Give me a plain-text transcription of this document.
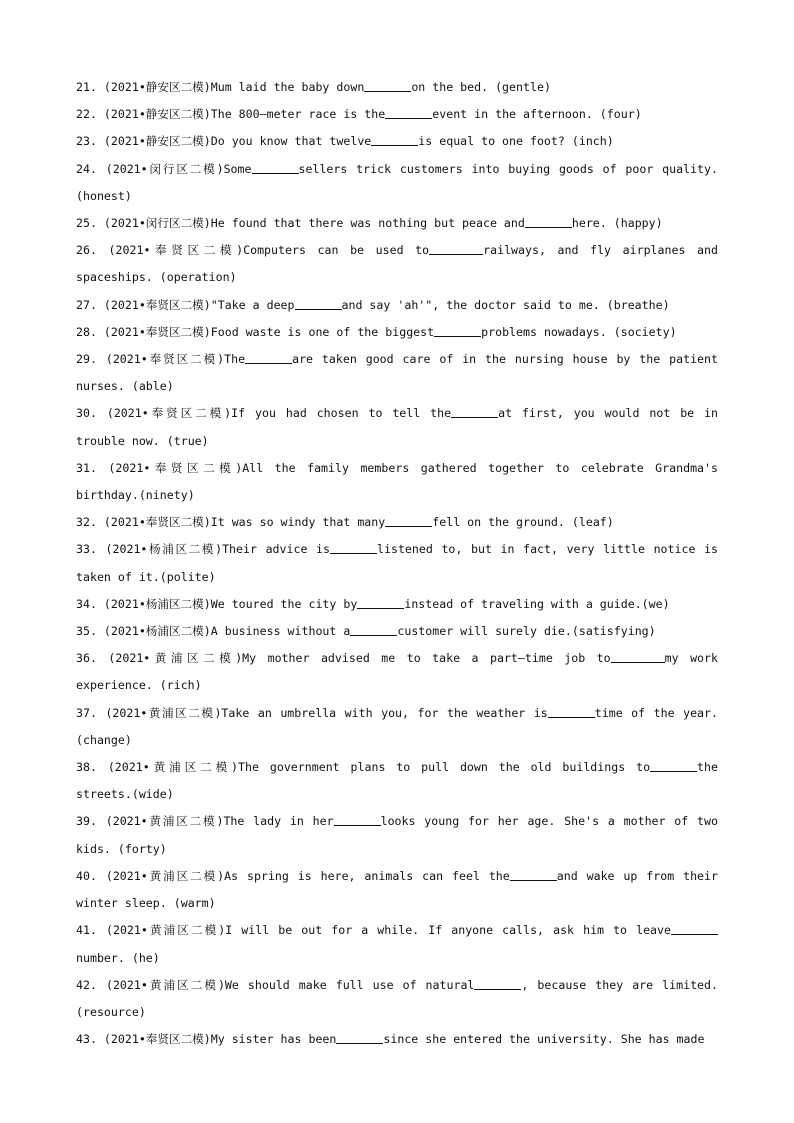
21. (2021•静安区二模)Mum laid the baby down	on the bed. (gentle)

22. (2021•静安区二模)The 800–meter race is the	event in the afternoon. (four)

23. (2021•静安区二模)Do you know that twelve	is equal to one foot? (inch)

24. (2021•闵行区二模)Some	sellers trick customers into buying goods of poor quality. (honest)

25. (2021•闵行区二模)He found that there was nothing but peace and	here. (happy)

26. (2021•奉贤区二模)Computers can be used to	railways, and fly airplanes and spaceships. (operation)

27. (2021•奉贤区二模)"Take a deep	and say 'ah'", the doctor said to me. (breathe)

28. (2021•奉贤区二模)Food waste is one of the biggest	problems nowadays. (society)

29. (2021•奉贤区二模)The	are taken good care of in the nursing house by the patient nurses. (able)

30. (2021•奉贤区二模)If you had chosen to tell the	at first, you would not be in trouble now. (true)

31. (2021•奉贤区二模)All the family members gathered together to celebrate Grandma's birthday.(ninety)

32. (2021•奉贤区二模)It was so windy that many	fell on the ground. (leaf)

33. (2021•杨浦区二模)Their advice is	listened to, but in fact, very little notice is taken of it.(polite)

34. (2021•杨浦区二模)We toured the city by	instead of traveling with a guide.(we)

35. (2021•杨浦区二模)A business without a	customer will surely die.(satisfying)

36. (2021•黄浦区二模)My mother advised me to take a part–time job to	my work experience. (rich)

37. (2021•黄浦区二模)Take an umbrella with you, for the weather is	time of the year. (change)

38. (2021•黄浦区二模)The government plans to pull down the old buildings to	the streets.(wide)

39. (2021•黄浦区二模)The lady in her	looks young for her age. She's a mother of two kids. (forty)

40. (2021•黄浦区二模)As spring is here, animals can feel the	and wake up from their winter sleep. (warm)

41. (2021•黄浦区二模)I will be out for a while. If anyone calls, ask him to leavenumber. (he)

42. (2021•黄浦区二模)We should make full use of natural	, because they are limited. (resource)

43. (2021•奉贤区二模)My sister has been	since she entered the university. She has made
